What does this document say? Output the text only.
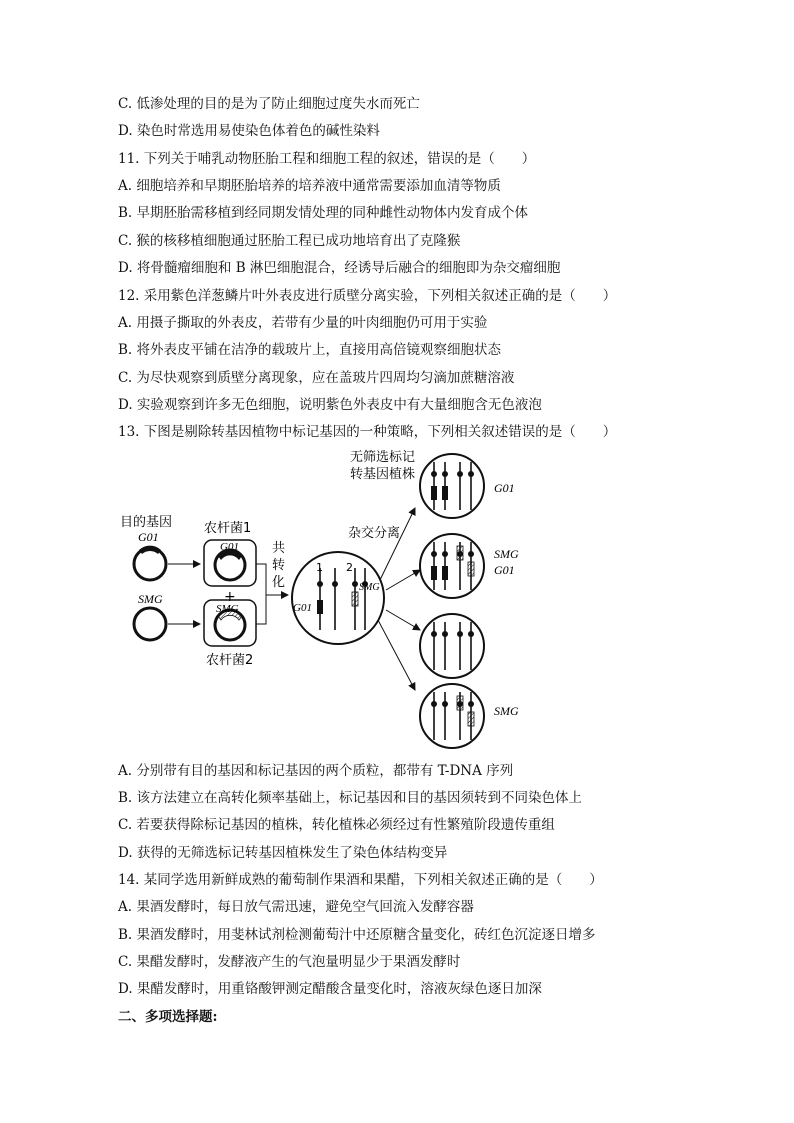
C. 低渗处理的目的是为了防止细胞过度失水而死亡
D. 染色时常选用易使染色体着色的碱性染料
11. 下列关于哺乳动物胚胎工程和细胞工程的叙述，错误的是（　　）
A. 细胞培养和早期胚胎培养的培养液中通常需要添加血清等物质
B. 早期胚胎需移植到经同期发情处理的同种雌性动物体内发育成个体
C. 猴的核移植细胞通过胚胎工程已成功地培育出了克隆猴
D. 将骨髓瘤细胞和 B 淋巴细胞混合，经诱导后融合的细胞即为杂交瘤细胞
12. 采用紫色洋葱鳞片叶外表皮进行质壁分离实验，下列相关叙述正确的是（　　）
A. 用摄子撕取的外表皮，若带有少量的叶肉细胞仍可用于实验
B. 将外表皮平铺在洁净的载玻片上，直接用高倍镜观察细胞状态
C. 为尽快观察到质壁分离现象，应在盖玻片四周均匀滴加蔗糖溶液
D. 实验观察到许多无色细胞，说明紫色外表皮中有大量细胞含无色液泡
13. 下图是剔除转基因植物中标记基因的一种策略，下列相关叙述错误的是（　　）
目的基因
G01
SMG
农杆菌1
G01
+
SMG
农杆菌2
共
转
化
1 2
G01
SMG
杂交分离
无筛选标记
转基因植株
G01
SMG
G01
SMG
A. 分别带有目的基因和标记基因的两个质粒，都带有 T-DNA 序列
B. 该方法建立在高转化频率基础上，标记基因和目的基因须转到不同染色体上
C. 若要获得除标记基因的植株，转化植株必须经过有性繁殖阶段遗传重组
D. 获得的无筛选标记转基因植株发生了染色体结构变异
14. 某同学选用新鲜成熟的葡萄制作果酒和果醋，下列相关叙述正确的是（　　）
A. 果酒发酵时，每日放气需迅速，避免空气回流入发酵容器
B. 果酒发酵时，用斐林试剂检测葡萄汁中还原糖含量变化，砖红色沉淀逐日增多
C. 果醋发酵时，发酵液产生的气泡量明显少于果酒发酵时
D. 果醋发酵时，用重铬酸钾测定醋酸含量变化时，溶液灰绿色逐日加深
二、多项选择题:
